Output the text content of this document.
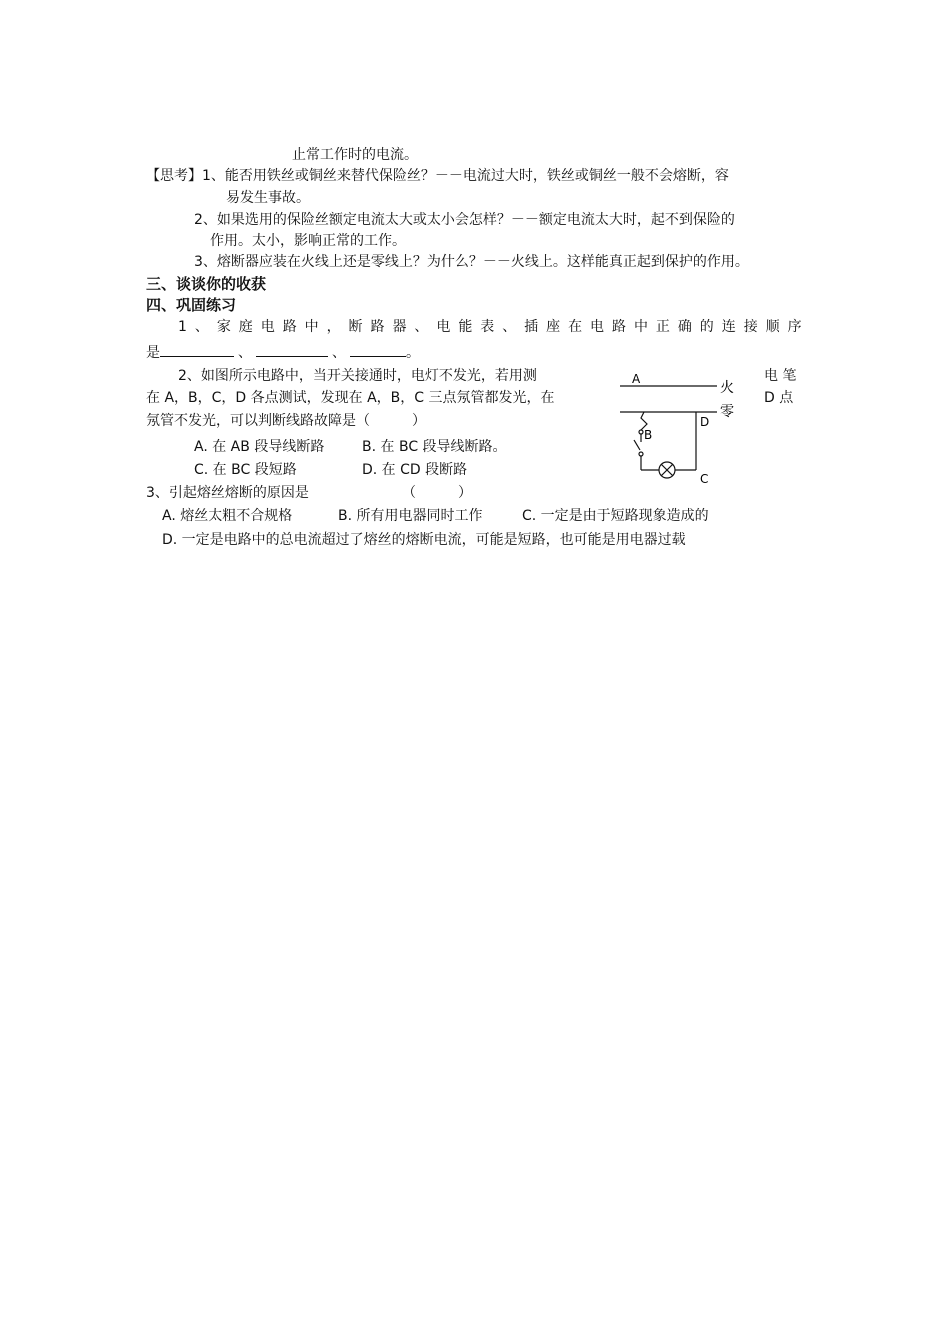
止常工作时的电流。
【思考】1、能否用铁丝或铜丝来替代保险丝？－－电流过大时，铁丝或铜丝一般不会熔断，容
易发生事故。
2、如果选用的保险丝额定电流太大或太小会怎样？－－额定电流太大时，起不到保险的
作用。太小，影响正常的工作。
3、熔断器应装在火线上还是零线上？为什么？－－火线上。这样能真正起到保护的作用。
三、谈谈你的收获
四、巩固练习
1 、 家 庭 电 路 中 ， 断 路 器 、 电 能 表 、 插 座 在 电 路 中 正 确 的 连 接 顺 序
是	、	、	。
2、如图所示电路中，当开关接通时，电灯不发光，若用测	电 笔
在 A，B，C，D 各点测试，发现在 A，B，C 三点氖管都发光，在	D 点
氖管不发光，可以判断线路故障是（　　　）
A. 在 AB 段导线断路	B. 在 BC 段导线断路。
C. 在 BC 段短路	D. 在 CD 段断路
A
B
C
D
火
零
3、引起熔丝熔断的原因是	（　　　）
A. 熔丝太粗不合规格	B. 所有用电器同时工作	C. 一定是由于短路现象造成的
D. 一定是电路中的总电流超过了熔丝的熔断电流，可能是短路，也可能是用电器过载
